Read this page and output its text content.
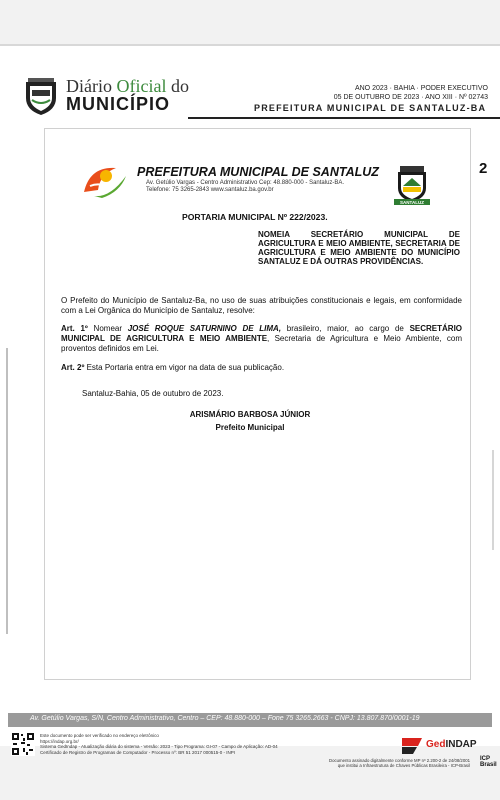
Diário Oficial do
MUNICÍPIO
ANO 2023 · BAHIA · PODER EXECUTIVO
05 DE OUTUBRO DE 2023 · ANO XIII · Nº 02743
PREFEITURA MUNICIPAL DE SANTALUZ-BA
2
PREFEITURA MUNICIPAL DE SANTALUZ
Av. Getúlio Vargas - Centro Administrativo Cep: 48.880-000 - Santaluz-BA.
Telefone: 75 3265-2843 www.santaluz.ba.gov.br
SANTALUZ
PORTARIA MUNICIPAL Nº 222/2023.
NOMEIA SECRETÁRIO MUNICIPAL DE AGRICULTURA E MEIO AMBIENTE, SECRETARIA DE AGRICULTURA E MEIO AMBIENTE DO MUNICÍPIO SANTALUZ E DÁ OUTRAS PROVIDÊNCIAS.
O Prefeito do Município de Santaluz-Ba, no uso de suas atribuições constitucionais e legais, em conformidade com a Lei Orgânica do Município de Santaluz, resolve:
Art. 1º Nomear JOSÉ ROQUE SATURNINO DE LIMA, brasileiro, maior, ao cargo de SECRETÁRIO MUNICIPAL DE AGRICULTURA E MEIO AMBIENTE, Secretaria de Agricultura e Meio Ambiente, com proventos definidos em Lei.
Art. 2º Esta Portaria entra em vigor na data de sua publicação.
Santaluz-Bahia, 05 de outubro de 2023.
ARISMÁRIO BARBOSA JÚNIOR
Prefeito Municipal
Av. Getúlio Vargas, S/N, Centro Administrativo, Centro – CEP: 48.880-000 – Fone 75 3265.2663 - CNPJ: 13.807.870/0001-19
Este documento pode ser verificado no endereço eletrônico
https://indap.org.br/
Sistema GedIndap - Atualização diária do sistema - Versão: 2023 - Tipo Programa: GI-07 - Campo de Aplicação: AD-04
Certificado de Registro de Programas de Computador - Processo nº: BR 51 2017 000515-0 - INPI
GedINDAP
Documento assinado digitalmente conforme MP nº 2.200-2 de 24/08/2001
que institui a Infraestrutura de Chaves Públicas Brasileira - ICP-Brasil
ICP Brasil
